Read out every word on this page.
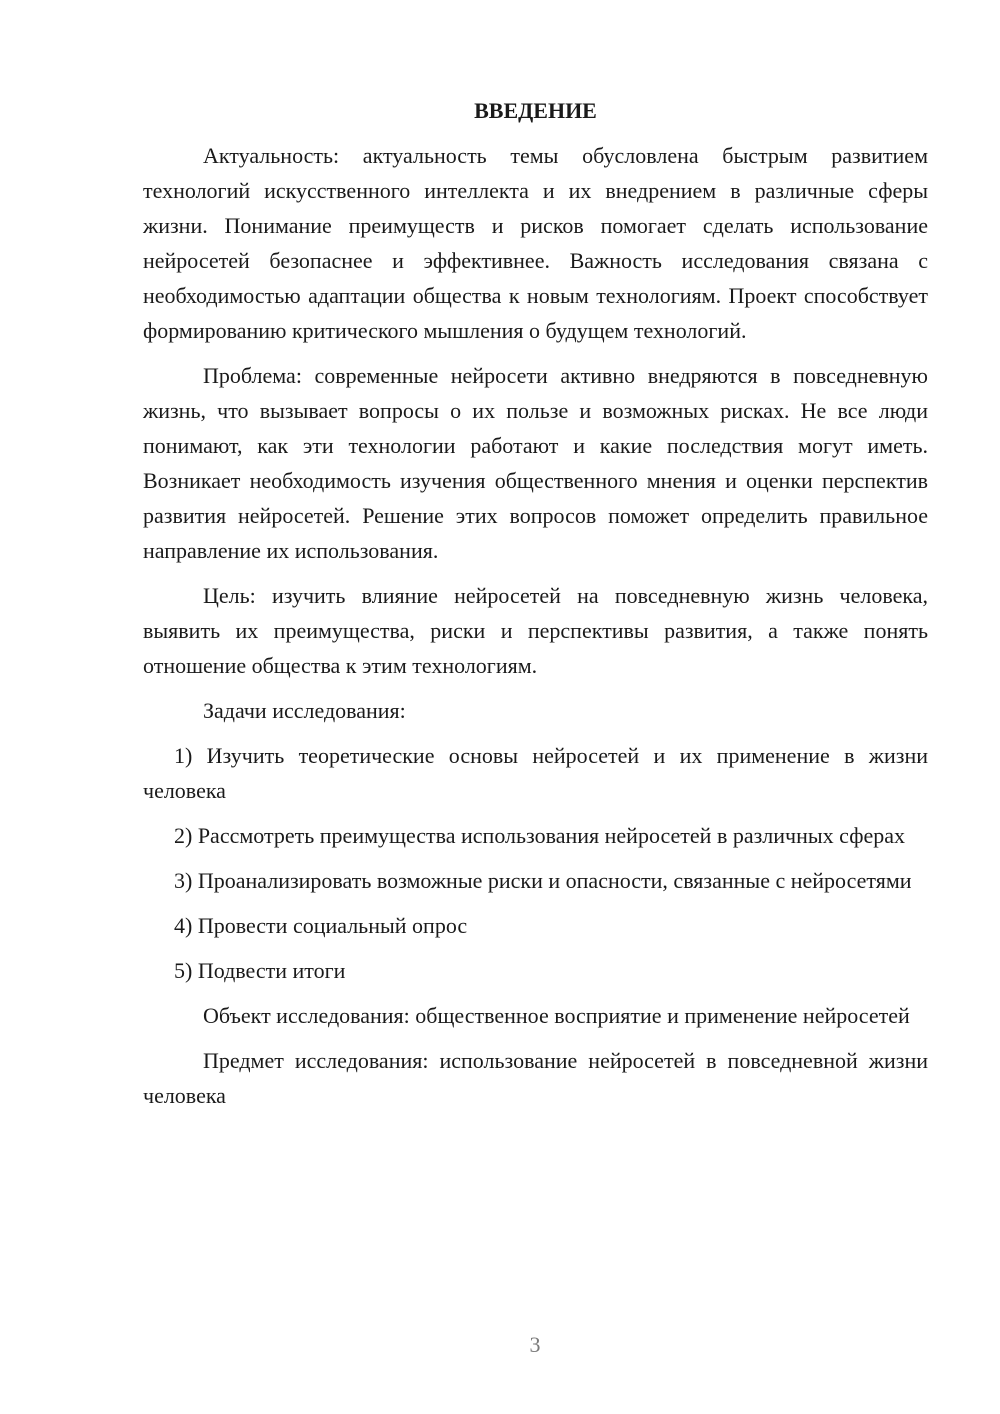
ВВЕДЕНИЕ

Актуальность: актуальность темы обусловлена быстрым развитием технологий искусственного интеллекта и их внедрением в различные сферы жизни. Понимание преимуществ и рисков помогает сделать использование нейросетей безопаснее и эффективнее. Важность исследования связана с необходимостью адаптации общества к новым технологиям. Проект способствует формированию критического мышления о будущем технологий.

Проблема: современные нейросети активно внедряются в повседневную жизнь, что вызывает вопросы о их пользе и возможных рисках. Не все люди понимают, как эти технологии работают и какие последствия могут иметь. Возникает необходимость изучения общественного мнения и оценки перспектив развития нейросетей. Решение этих вопросов поможет определить правильное направление их использования.

Цель: изучить влияние нейросетей на повседневную жизнь человека, выявить их преимущества, риски и перспективы развития, а также понять отношение общества к этим технологиям.

Задачи исследования:

1) Изучить теоретические основы нейросетей и их применение в жизни человека

2) Рассмотреть преимущества использования нейросетей в различных сферах

3) Проанализировать возможные риски и опасности, связанные с нейросетями

4) Провести социальный опрос

5) Подвести итоги

Объект исследования: общественное восприятие и применение нейросетей

Предмет исследования: использование нейросетей в повседневной жизни человека

3
